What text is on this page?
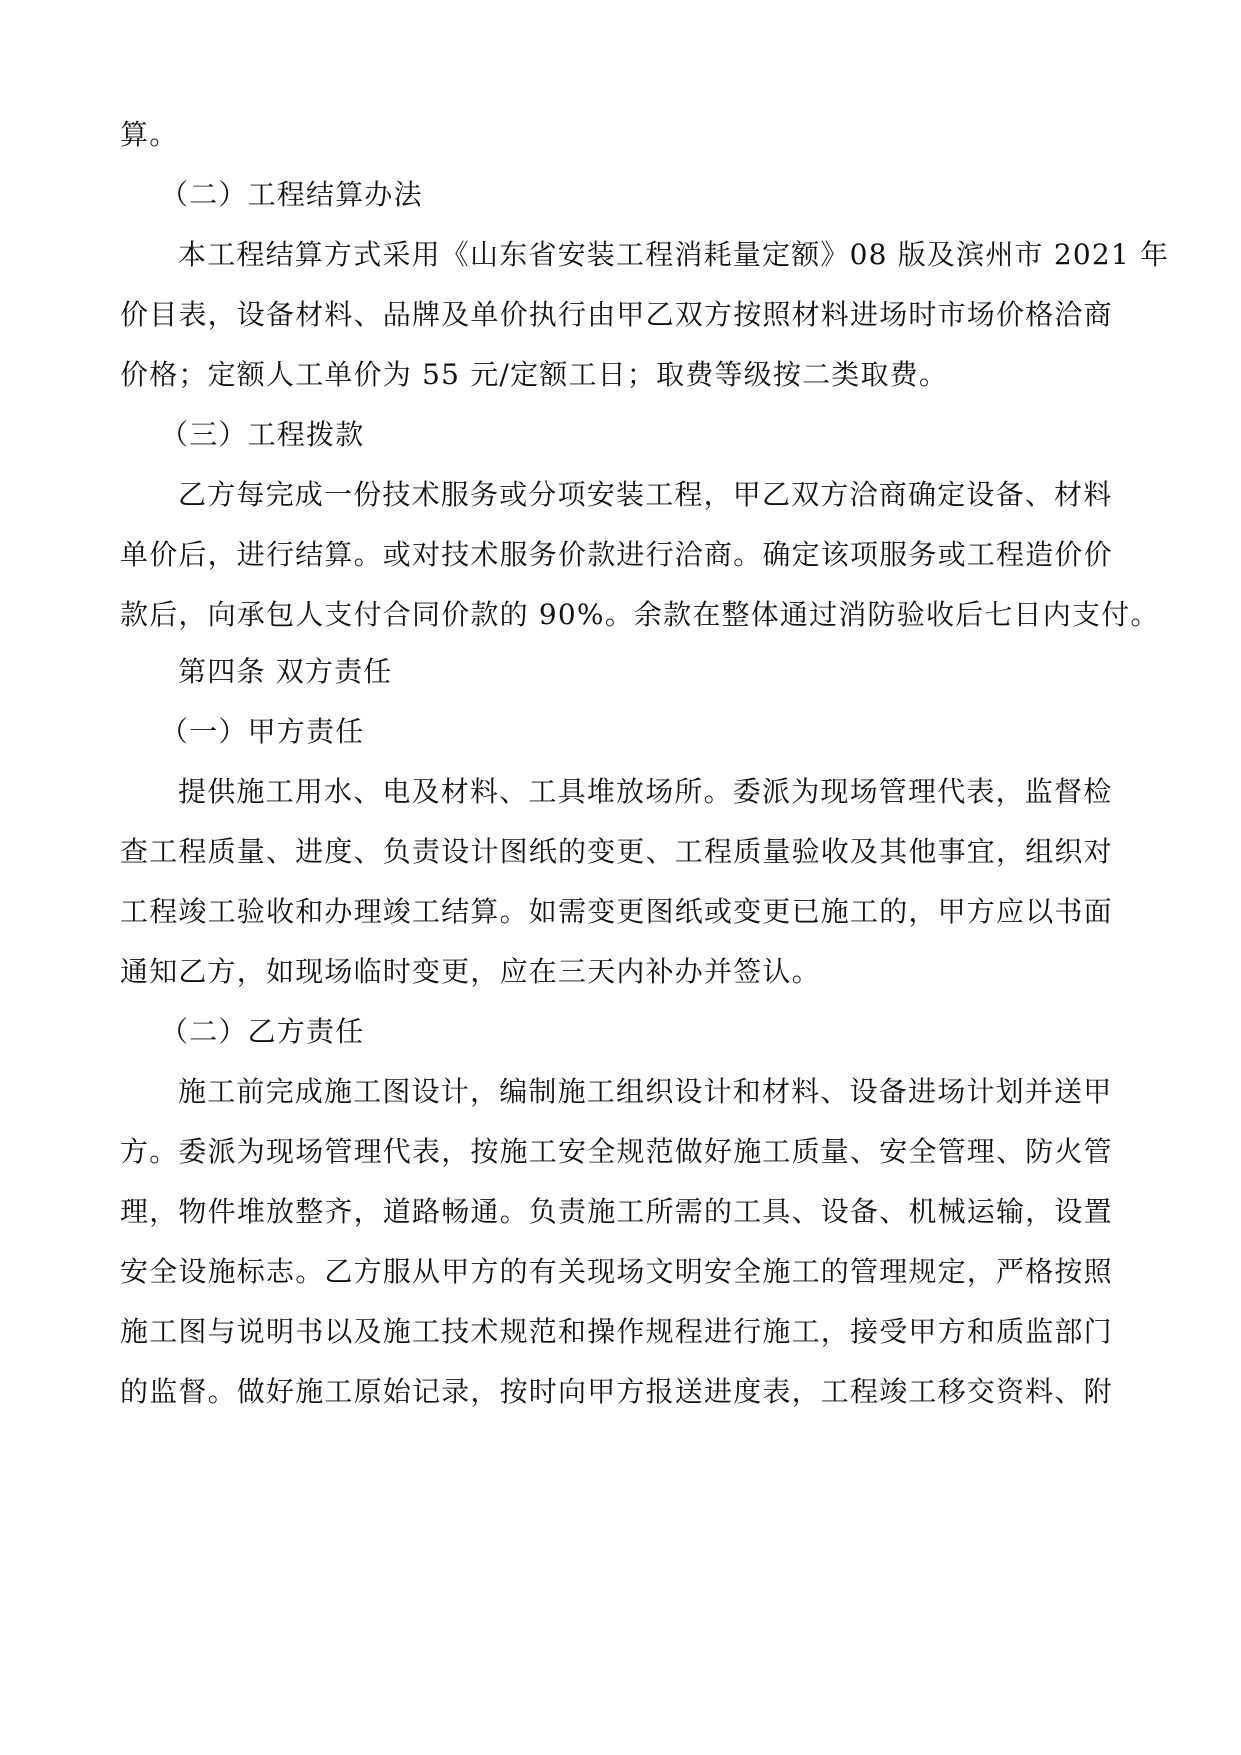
算。
（二）工程结算办法
本工程结算方式采用《山东省安装工程消耗量定额》08 版及滨州市 2021 年
价目表，设备材料、品牌及单价执行由甲乙双方按照材料进场时市场价格洽商
价格；定额人工单价为 55 元/定额工日；取费等级按二类取费。
（三）工程拨款
乙方每完成一份技术服务或分项安装工程，甲乙双方洽商确定设备、材料
单价后，进行结算。或对技术服务价款进行洽商。确定该项服务或工程造价价
款后，向承包人支付合同价款的 90%。余款在整体通过消防验收后七日内支付。
第四条 双方责任
（一）甲方责任
提供施工用水、电及材料、工具堆放场所。委派为现场管理代表，监督检
查工程质量、进度、负责设计图纸的变更、工程质量验收及其他事宜，组织对
工程竣工验收和办理竣工结算。如需变更图纸或变更已施工的，甲方应以书面
通知乙方，如现场临时变更，应在三天内补办并签认。
（二）乙方责任
施工前完成施工图设计，编制施工组织设计和材料、设备进场计划并送甲
方。委派为现场管理代表，按施工安全规范做好施工质量、安全管理、防火管
理，物件堆放整齐，道路畅通。负责施工所需的工具、设备、机械运输，设置
安全设施标志。乙方服从甲方的有关现场文明安全施工的管理规定，严格按照
施工图与说明书以及施工技术规范和操作规程进行施工，接受甲方和质监部门
的监督。做好施工原始记录，按时向甲方报送进度表，工程竣工移交资料、附
